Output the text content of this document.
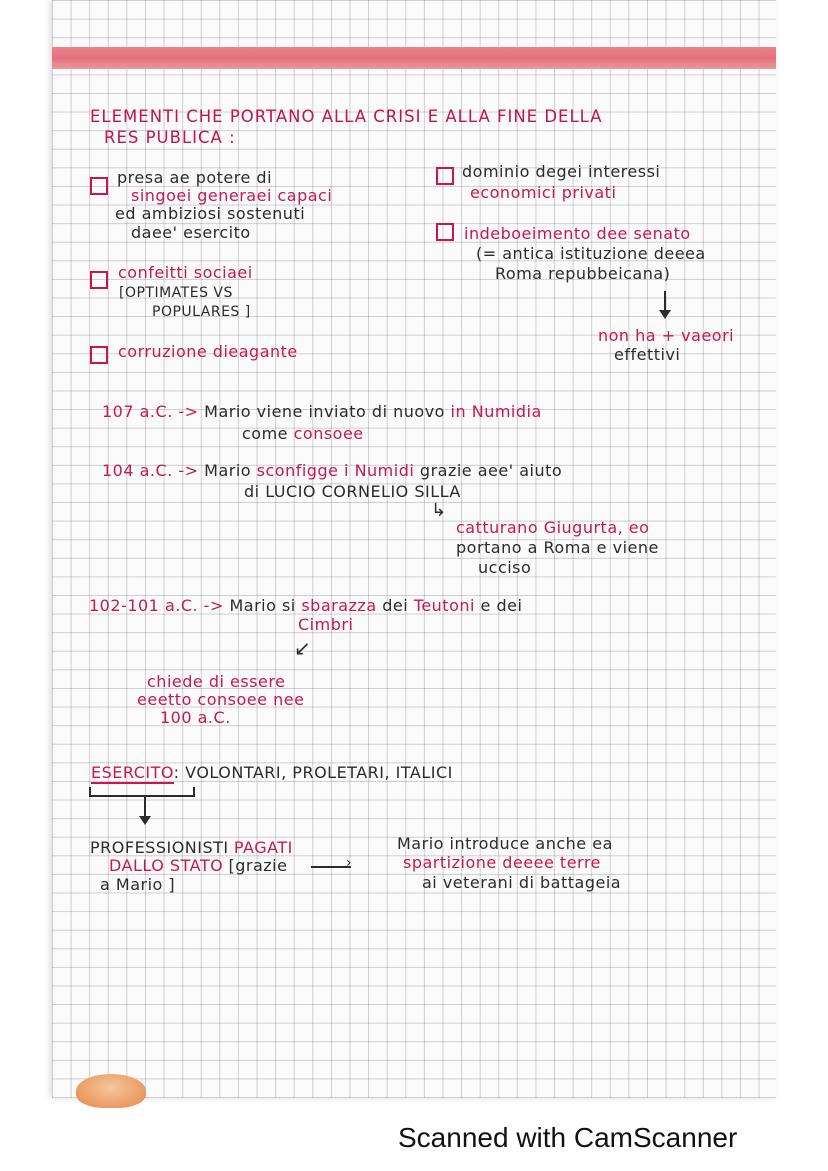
ELEMENTI CHE PORTANO ALLA CRISI E ALLA FINE DELLA

RES PUBLICA :

presa ae potere di

singoei generaei capaci

ed ambiziosi sostenuti

daee' esercito

confeitti sociaei

[OPTIMATES VS

POPULARES ]

corruzione dieagante

dominio degei interessi

economici privati

indeboeimento dee senato

(= antica istituzione deeea

Roma repubbeicana)

non ha + vaeori

effettivi

107 a.C. -> Mario viene inviato di nuovo in Numidia

come consoee

104 a.C. -> Mario sconfigge i Numidi grazie aee' aiuto

di LUCIO CORNELIO SILLA

↳

catturano Giugurta, eo

portano a Roma e viene

ucciso

102-101 a.C. -> Mario si sbarazza dei Teutoni e dei

Cimbri

↙

chiede di essere

eeetto consoee nee

100 a.C.

ESERCITO: VOLONTARI, PROLETARI, ITALICI

PROFESSIONISTI PAGATI

DALLO STATO [grazie	›

a Mario ]

Mario introduce anche ea

spartizione deeee terre

ai veterani di battageia

Scanned with CamScanner
